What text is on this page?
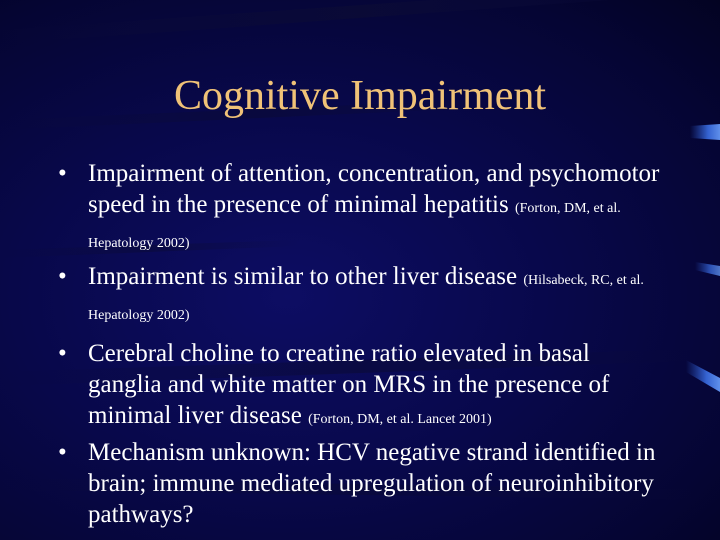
Cognitive Impairment
• Impairment of attention, concentration, and psychomotor speed in the presence of minimal hepatitis (Forton, DM, et al. Hepatology 2002)
• Impairment is similar to other liver disease (Hilsabeck, RC, et al. Hepatology 2002)
• Cerebral choline to creatine ratio elevated in basal ganglia and white matter on MRS in the presence of minimal liver disease (Forton, DM, et al. Lancet 2001)
• Mechanism unknown: HCV negative strand identified in brain; immune mediated upregulation of neuroinhibitory pathways?
